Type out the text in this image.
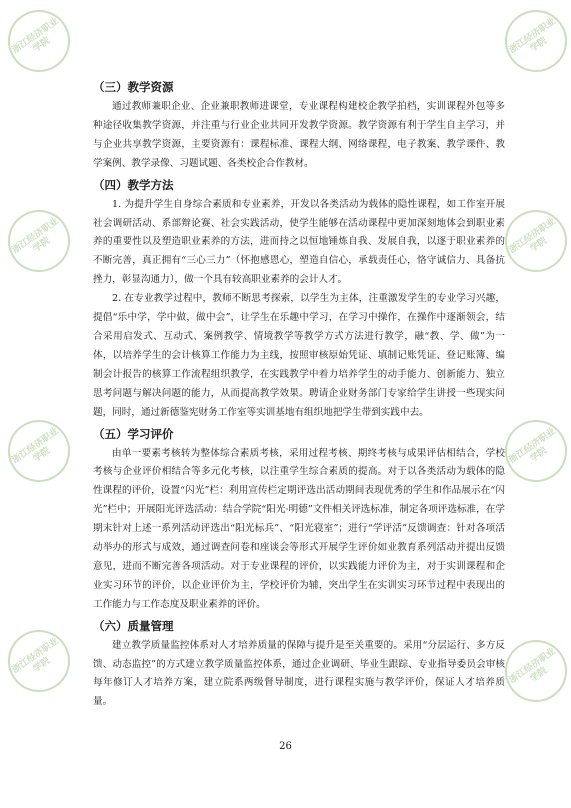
浙江经济职业学院
浙江经济职业学院
浙江经济职业学院
浙江经济职业学院
浙江经济职业学院
浙江经济职业学院
浙江经济职业学院
浙江经济职业学院
（三）教学资源

通过教师兼职企业、企业兼职教师进课堂，专业课程构建校企教学拍档，实训课程外包等多种途径收集教学资源，并注重与行业企业共同开发教学资源。教学资源有利于学生自主学习，并与企业共享教学资源，主要资源有：课程标准、课程大纲、网络课程，电子教案、教学课件、教学案例、教学录像、习题试题、各类校企合作教材。

（四）教学方法

1. 为提升学生自身综合素质和专业素养，开发以各类活动为载体的隐性课程，如工作室开展社会调研活动、系部辩论赛、社会实践活动，使学生能够在活动课程中更加深刻地体会到职业素养的重要性以及塑造职业素养的方法，进而持之以恒地锤炼自我、发展自我，以逐于职业素养的不断完善，真正拥有“三心三力”（怀抱感恩心，塑造自信心，承载责任心，恪守诚信力、具备抗挫力，彰显沟通力），做一个具有较高职业素养的会计人才。

2. 在专业教学过程中，教师不断思考探索，以学生为主体，注重激发学生的专业学习兴趣，提倡“乐中学，学中做，做中会”，让学生在乐趣中学习，在学习中操作，在操作中逐渐领会，结合采用启发式、互动式、案例教学、情境教学等教学方式方法进行教学，融“教、学、做”为一体，以培养学生的会计核算工作能力为主线，按照审核原始凭证、填制记账凭证、登记账簿、编制会计报告的核算工作流程组织教学，在实践教学中着力培养学生的动手能力、创新能力、独立思考问题与解决问题的能力，从而提高教学效果。聘请企业财务部门专家给学生讲授一些现实问题，同时，通过新德鉴宪财务工作室等实训基地有组织地把学生带到实践中去。

（五）学习评价

由单一要素考核转为整体综合素质考核，采用过程考核、期终考核与成果评估相结合，学校考核与企业评价相结合等多元化考核，以注重学生综合素质的提高。对于以各类活动为载体的隐性课程的评价，设置“闪光”栏：利用宣传栏定期评选出活动期间表现优秀的学生和作品展示在“闪光”栏中；开展阳光评选活动：结合学院“阳光·明德”文件相关评选标准，制定各项评选标准，在学期末针对上述一系列活动评选出“阳光标兵”、“阳光寝室”；进行“学评活”反馈调查：针对各项活动举办的形式与成效，通过调查问卷和座谈会等形式开展学生评价如业教育系列活动并提出反馈意见，进而不断完善各项活动。对于专业课程的评价，以实践能力评价为主，对于实训课程和企业实习环节的评价，以企业评价为主，学校评价为辅，突出学生在实训实习环节过程中表现出的工作能力与工作态度及职业素养的评价。

（六）质量管理

建立教学质量监控体系对人才培养质量的保障与提升是至关重要的。采用“分层运行、多方反馈、动态监控”的方式建立教学质量监控体系，通过企业调研、毕业生跟踪、专业指导委员会审核每年修订人才培养方案，建立院系两级督导制度，进行课程实施与教学评价，保证人才培养质量。

26
